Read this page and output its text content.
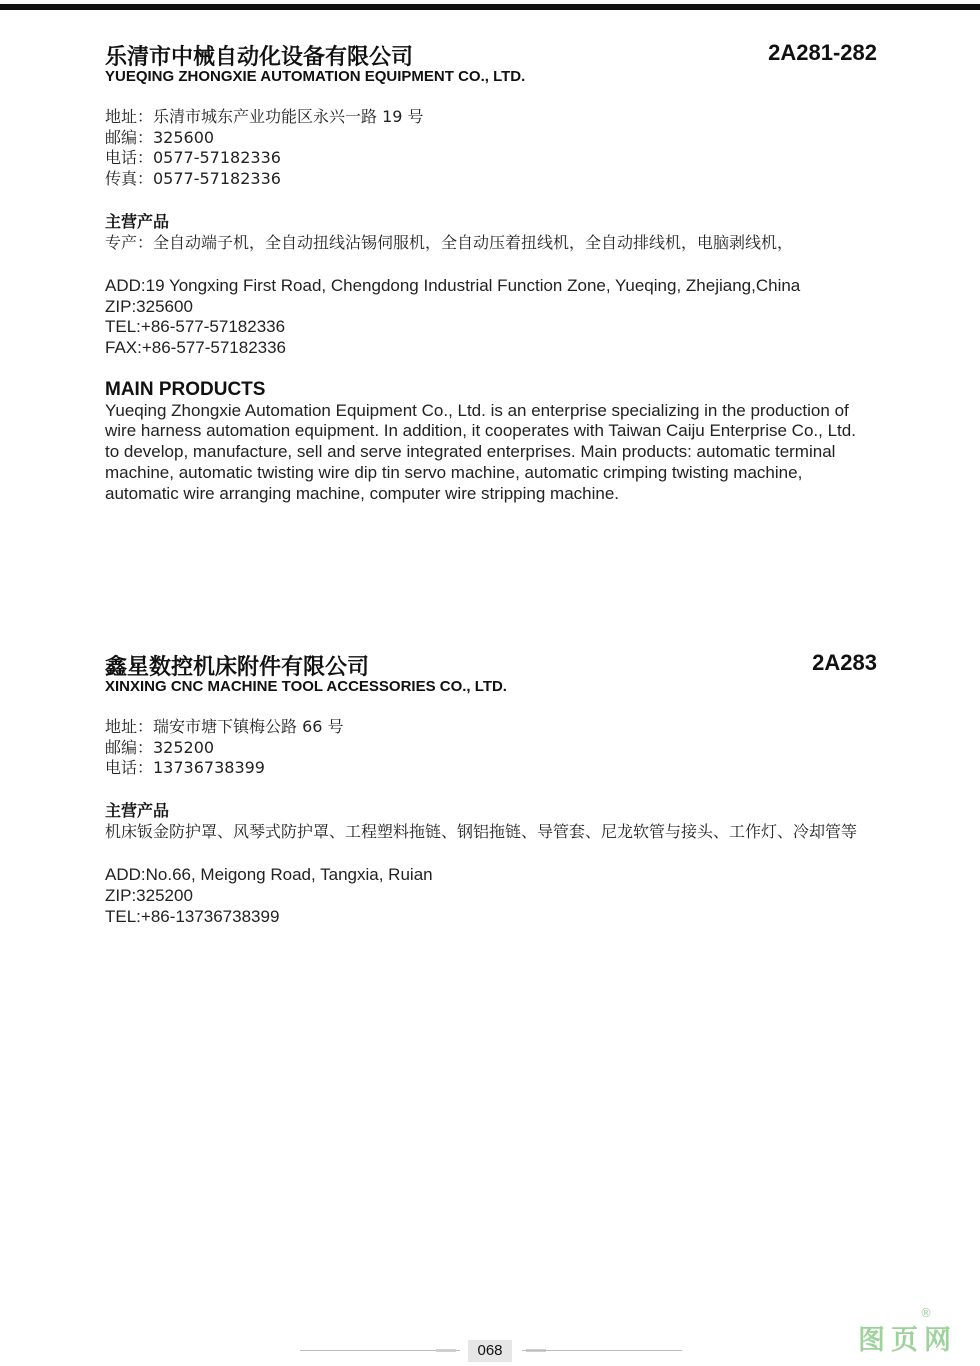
乐清市中械自动化设备有限公司	2A281-282
YUEQING ZHONGXIE AUTOMATION EQUIPMENT CO., LTD.
地址：乐清市城东产业功能区永兴一路 19 号
邮编：325600
电话：0577-57182336
传真：0577-57182336
主营产品
专产：全自动端子机，全自动扭线沾锡伺服机，全自动压着扭线机，全自动排线机，电脑剥线机，
ADD:19 Yongxing First Road, Chengdong Industrial Function Zone, Yueqing, Zhejiang,China
ZIP:325600
TEL:+86-577-57182336
FAX:+86-577-57182336
MAIN PRODUCTS
Yueqing Zhongxie Automation Equipment Co., Ltd. is an enterprise specializing in the production of wire harness automation equipment. In addition, it cooperates with Taiwan Caiju Enterprise Co., Ltd. to develop, manufacture, sell and serve integrated enterprises. Main products: automatic terminal machine, automatic twisting wire dip tin servo machine, automatic crimping twisting machine, automatic wire arranging machine, computer wire stripping machine.
鑫星数控机床附件有限公司	2A283
XINXING CNC MACHINE TOOL ACCESSORIES CO., LTD.
地址：瑞安市塘下镇梅公路 66 号
邮编：325200
电话：13736738399
主营产品
机床钣金防护罩、风琴式防护罩、工程塑料拖链、钢铝拖链、导管套、尼龙软管与接头、工作灯、冷却管等
ADD:No.66, Meigong Road, Tangxia, Ruian
ZIP:325200
TEL:+86-13736738399
068	图页网
®
